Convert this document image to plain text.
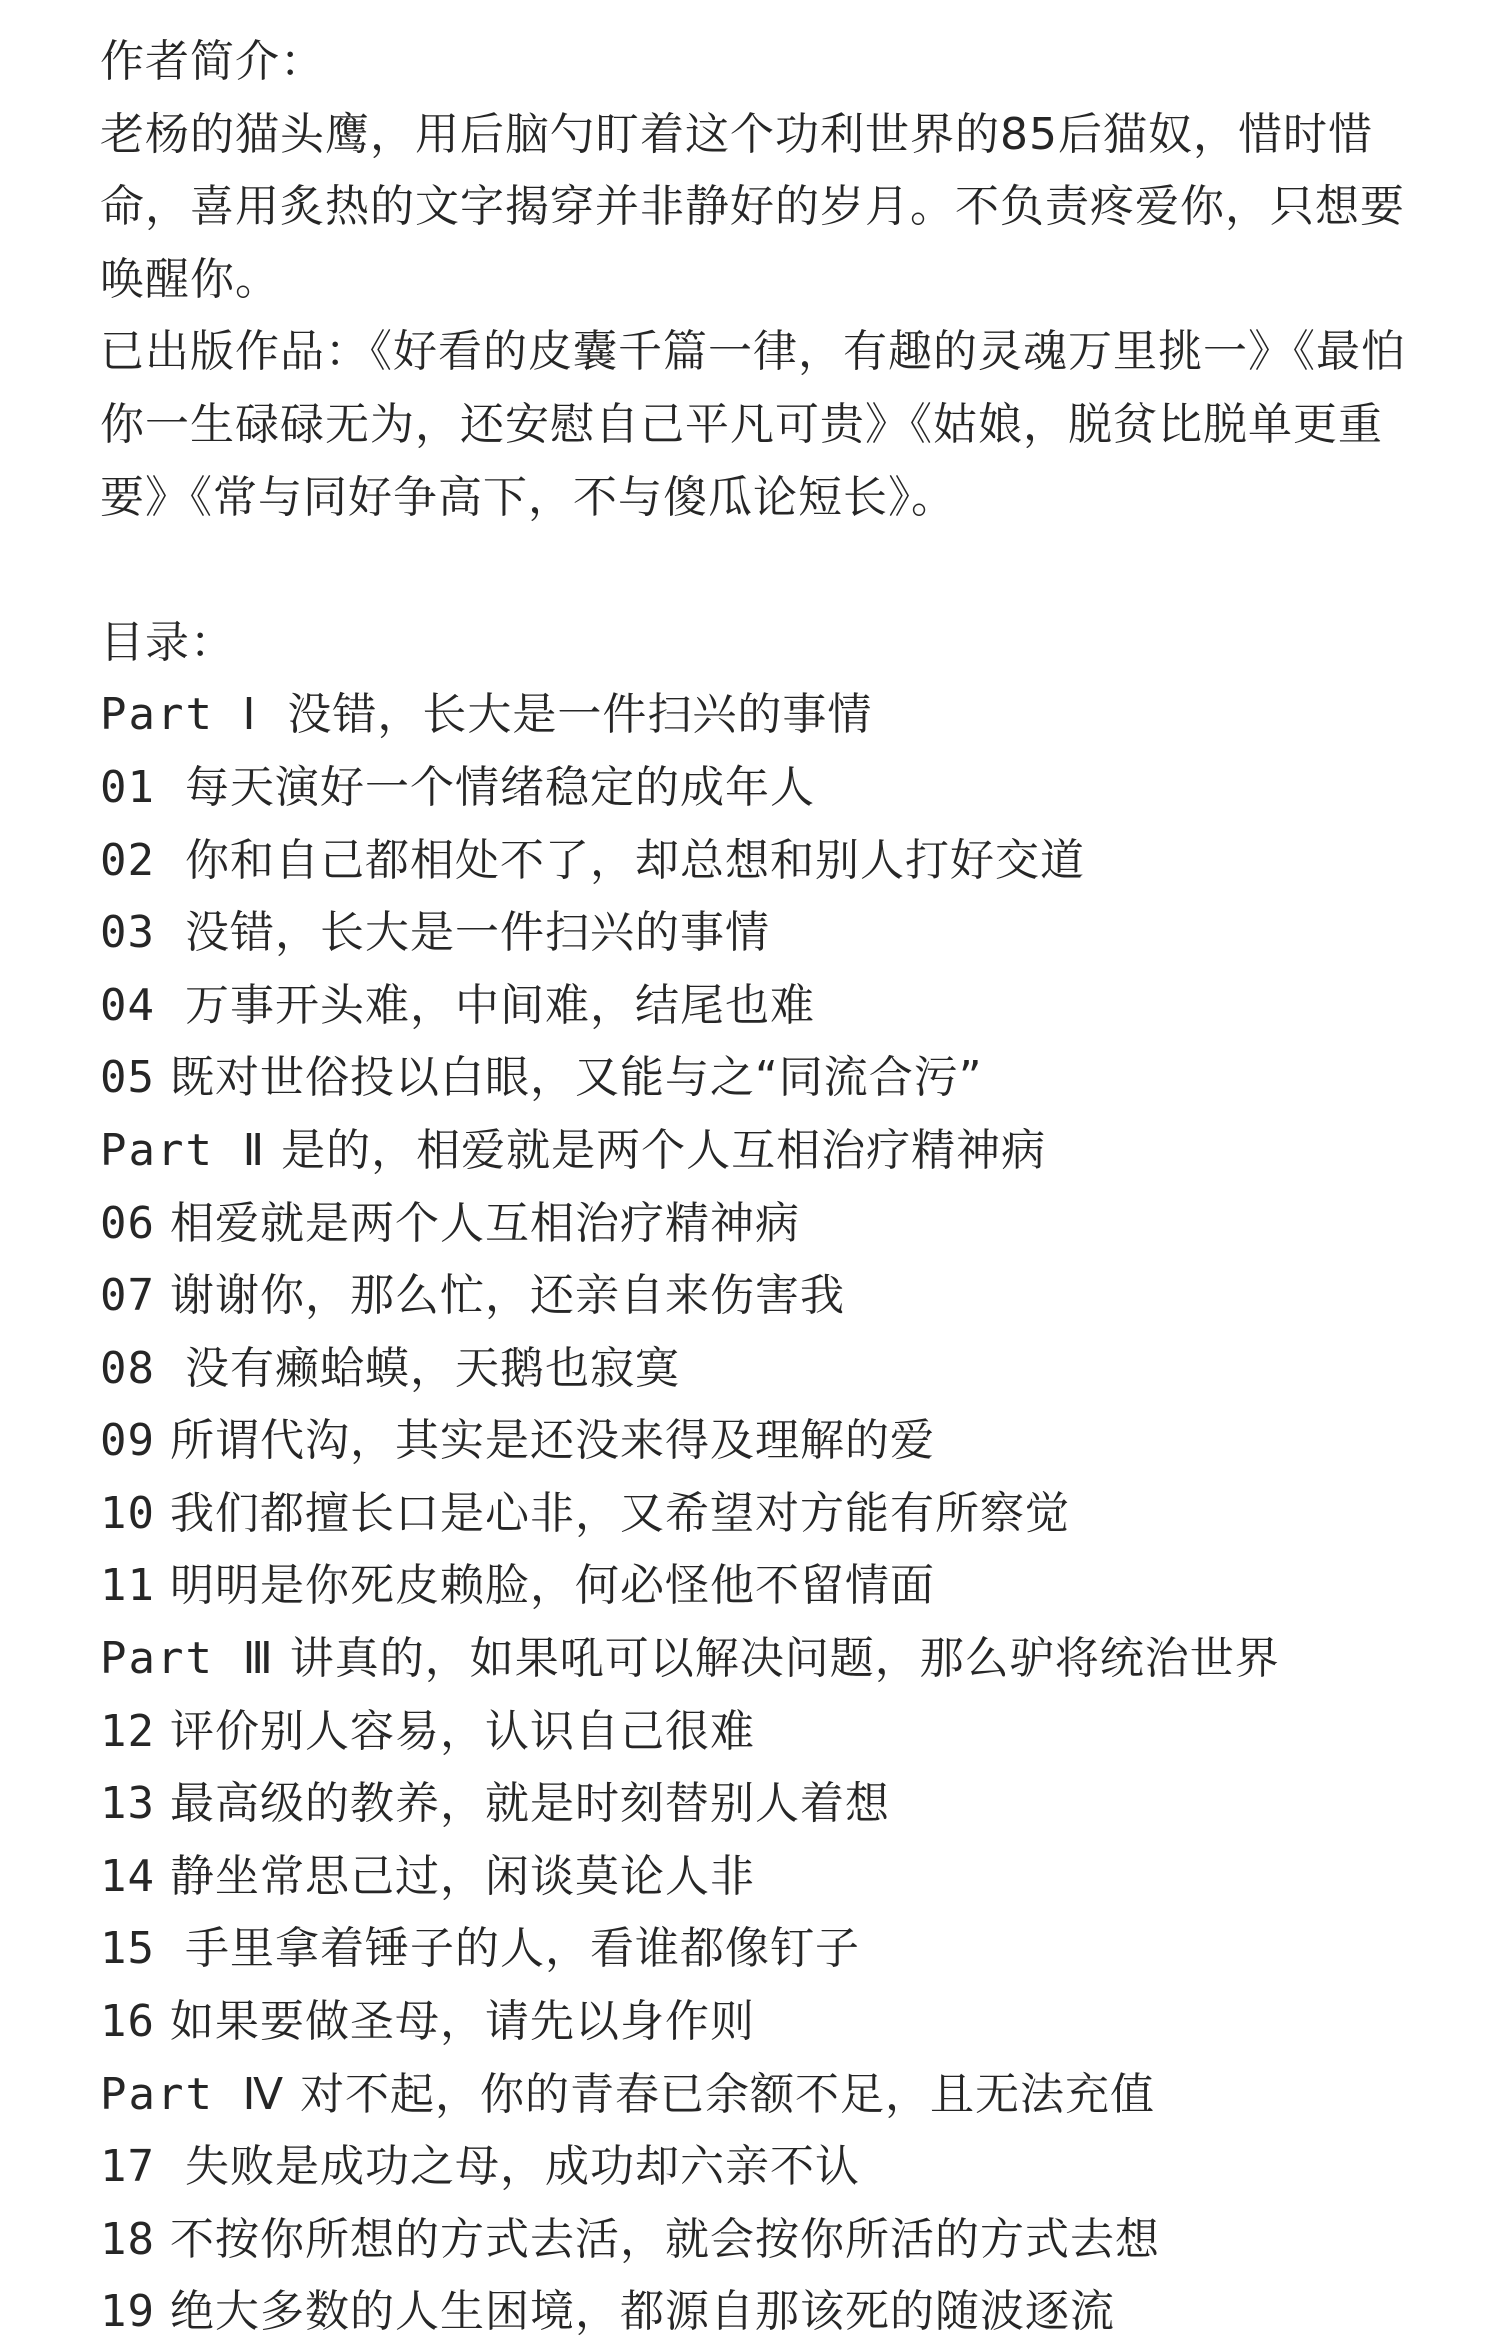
作者简介：
老杨的猫头鹰，用后脑勺盯着这个功利世界的85后猫奴，惜时惜命，喜用炙热的文字揭穿并非静好的岁月。不负责疼爱你，只想要唤醒你。
已出版作品：《好看的皮囊千篇一律，有趣的灵魂万里挑一》《最怕你一生碌碌无为，还安慰自己平凡可贵》《姑娘，脱贫比脱单更重要》《常与同好争高下，不与傻瓜论短长》。
目录：
Part Ⅰ 没错，长大是一件扫兴的事情
01 每天演好一个情绪稳定的成年人
02 你和自己都相处不了，却总想和别人打好交道
03 没错，长大是一件扫兴的事情
04 万事开头难，中间难，结尾也难
05 既对世俗投以白眼，又能与之“同流合污”
Part Ⅱ 是的，相爱就是两个人互相治疗精神病
06 相爱就是两个人互相治疗精神病
07 谢谢你，那么忙，还亲自来伤害我
08 没有癞蛤蟆，天鹅也寂寞
09 所谓代沟，其实是还没来得及理解的爱
10 我们都擅长口是心非，又希望对方能有所察觉
11 明明是你死皮赖脸，何必怪他不留情面
Part Ⅲ 讲真的，如果吼可以解决问题，那么驴将统治世界
12 评价别人容易，认识自己很难
13 最高级的教养，就是时刻替别人着想
14 静坐常思己过，闲谈莫论人非
15 手里拿着锤子的人，看谁都像钉子
16 如果要做圣母，请先以身作则
Part Ⅳ 对不起，你的青春已余额不足，且无法充值
17 失败是成功之母，成功却六亲不认
18 不按你所想的方式去活，就会按你所活的方式去想
19 绝大多数的人生困境，都源自那该死的随波逐流
